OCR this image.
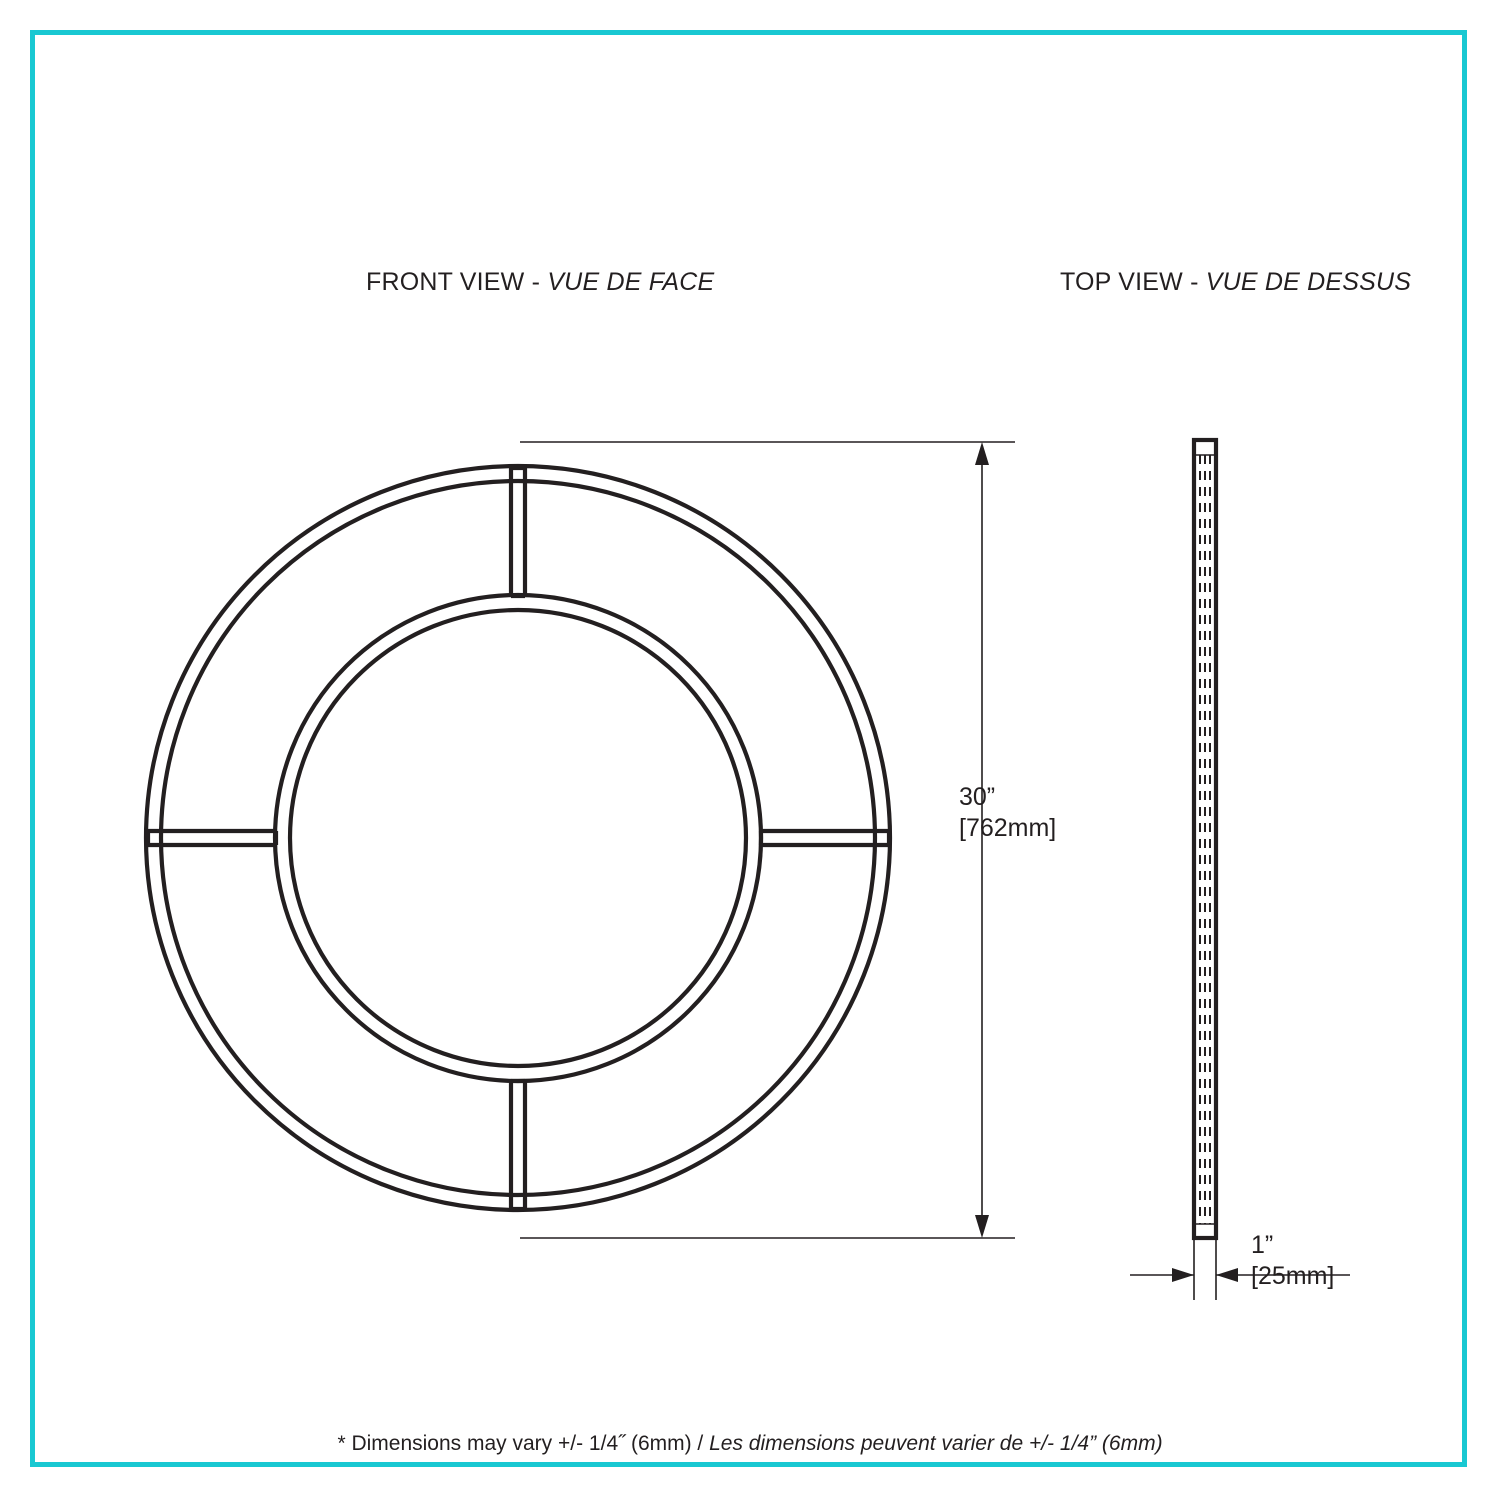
FRONT VIEW - VUE DE FACE	TOP VIEW - VUE DE DESSUS
30”
[762mm]
1”
[25mm]
* Dimensions may vary +/- 1/4˝ (6mm) / Les dimensions peuvent varier de +/- 1/4” (6mm)
